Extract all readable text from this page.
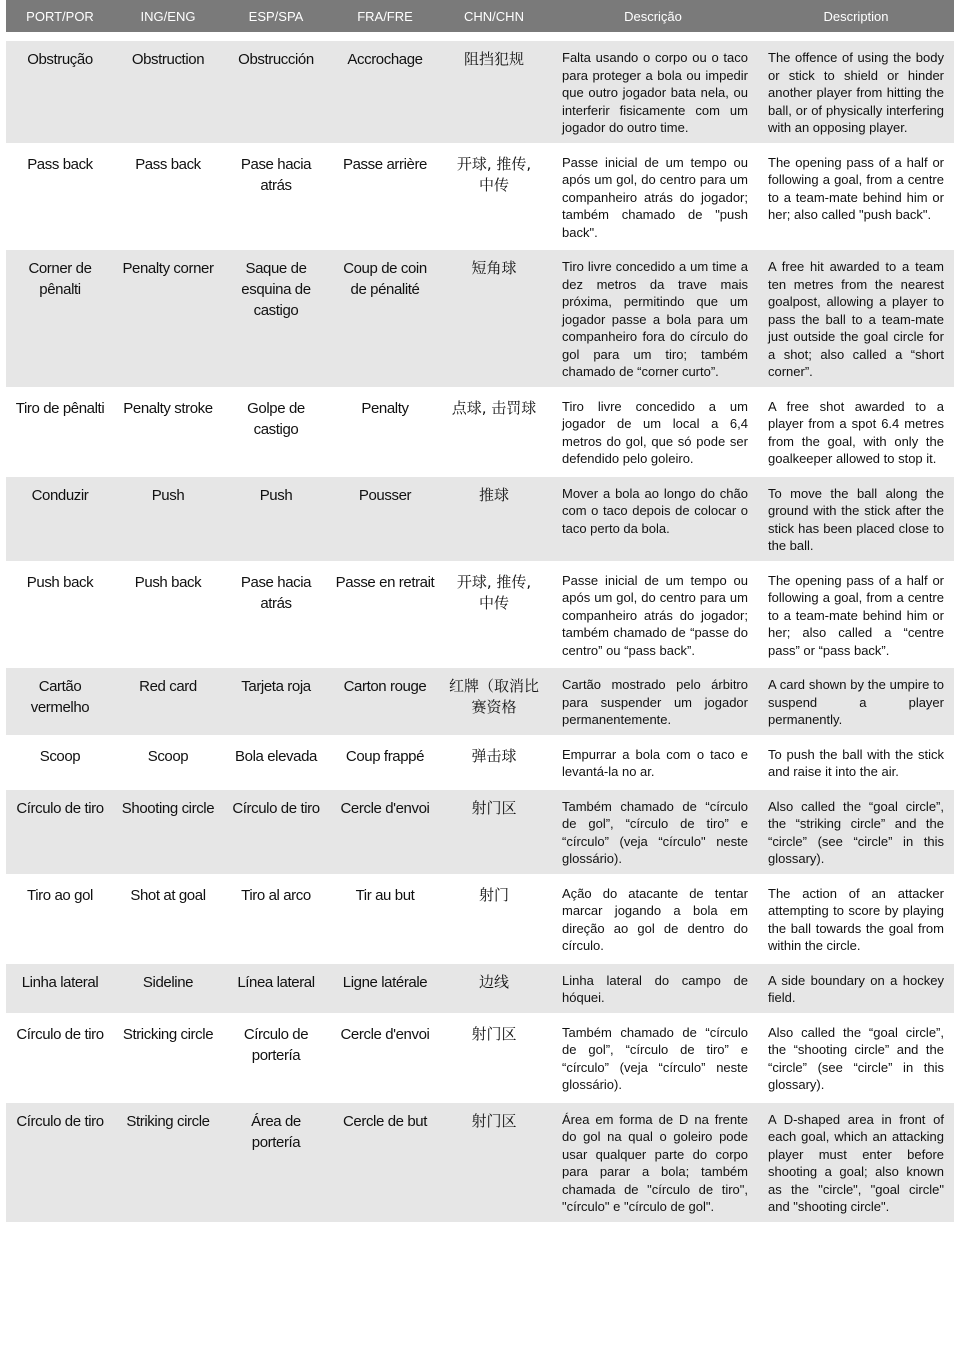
PORT/POR	ING/ENG	ESP/SPA	FRA/FRE	CHN/CHN	Descrição	Description

Obstrução	Obstruction	Obstrucción	Accrochage	阻挡犯规	Falta usando o corpo ou o taco para proteger a bola ou impedir que outro jogador bata nela, ou interferir fisicamente com um jogador do outro time.	The offence of using the body or stick to shield or hinder another player from hitting the ball, or of physically interfering with an opposing player.
Pass back	Pass back	Pase hacia atrás	Passe arrière	开球, 推传, 中传	Passe inicial de um tempo ou após um gol, do centro para um companheiro atrás do jogador; também chamado de "push back".	The opening pass of a half or following a goal, from a centre to a team-mate behind him or her; also called "push back".
Corner de pênalti	Penalty corner	Saque de esquina de castigo	Coup de coin de pénalité	短角球	Tiro livre concedido a um time a dez metros da trave mais próxima, permitindo que um jogador passe a bola para um companheiro fora do círculo do gol para um tiro; também chamado de “corner curto”.	A free hit awarded to a team ten metres from the nearest goalpost, allowing a player to pass the ball to a team-mate just outside the goal circle for a shot; also called a “short corner”.
Tiro de pênalti	Penalty stroke	Golpe de castigo	Penalty	点球, 击罚球	Tiro livre concedido a um jogador de um local a 6,4 metros do gol, que só pode ser defendido pelo goleiro.	A free shot awarded to a player from a spot 6.4 metres from the goal, with only the goalkeeper allowed to stop it.
Conduzir	Push	Push	Pousser	推球	Mover a bola ao longo do chão com o taco depois de colocar o taco perto da bola.	To move the ball along the ground with the stick after the stick has been placed close to the ball.
Push back	Push back	Pase hacia atrás	Passe en retrait	开球, 推传, 中传	Passe inicial de um tempo ou após um gol, do centro para um companheiro atrás do jogador; também chamado de “passe do centro” ou “pass back”.	The opening pass of a half or following a goal, from a centre to a team-mate behind him or her; also called a “centre pass” or “pass back”.
Cartão vermelho	Red card	Tarjeta roja	Carton rouge	红牌（取消比赛资格	Cartão mostrado pelo árbitro para suspender um jogador permanentemente.	A card shown by the umpire to suspend a player permanently.
Scoop	Scoop	Bola elevada	Coup frappé	弹击球	Empurrar a bola com o taco e levantá-la no ar.	To push the ball with the stick and raise it into the air.
Círculo de tiro	Shooting circle	Círculo de tiro	Cercle d'envoi	射门区	Também chamado de “círculo de gol”, “círculo de tiro” e “círculo” (veja “círculo" neste glossário).	Also called the “goal circle”, the “striking circle” and the “circle” (see “circle” in this glossary).
Tiro ao gol	Shot at goal	Tiro al arco	Tir au but	射门	Ação do atacante de tentar marcar jogando a bola em direção ao gol de dentro do círculo.	The action of an attacker attempting to score by playing the ball towards the goal from within the circle.
Linha lateral	Sideline	Línea lateral	Ligne latérale	边线	Linha lateral do campo de hóquei.	A side boundary on a hockey field.
Círculo de tiro	Stricking circle	Círculo de portería	Cercle d'envoi	射门区	Também chamado de “círculo de gol”, “círculo de tiro” e “círculo” (veja “círculo” neste glossário).	Also called the “goal circle”, the “shooting circle” and the “circle” (see “circle” in this glossary).
Círculo de tiro	Striking circle	Área de portería	Cercle de but	射门区	Área em forma de D na frente do gol na qual o goleiro pode usar qualquer parte do corpo para parar a bola; também chamada de "círculo de tiro", "círculo" e "círculo de gol".	A D-shaped area in front of each goal, which an attacking player must enter before shooting a goal; also known as the "circle", "goal circle" and "shooting circle".
